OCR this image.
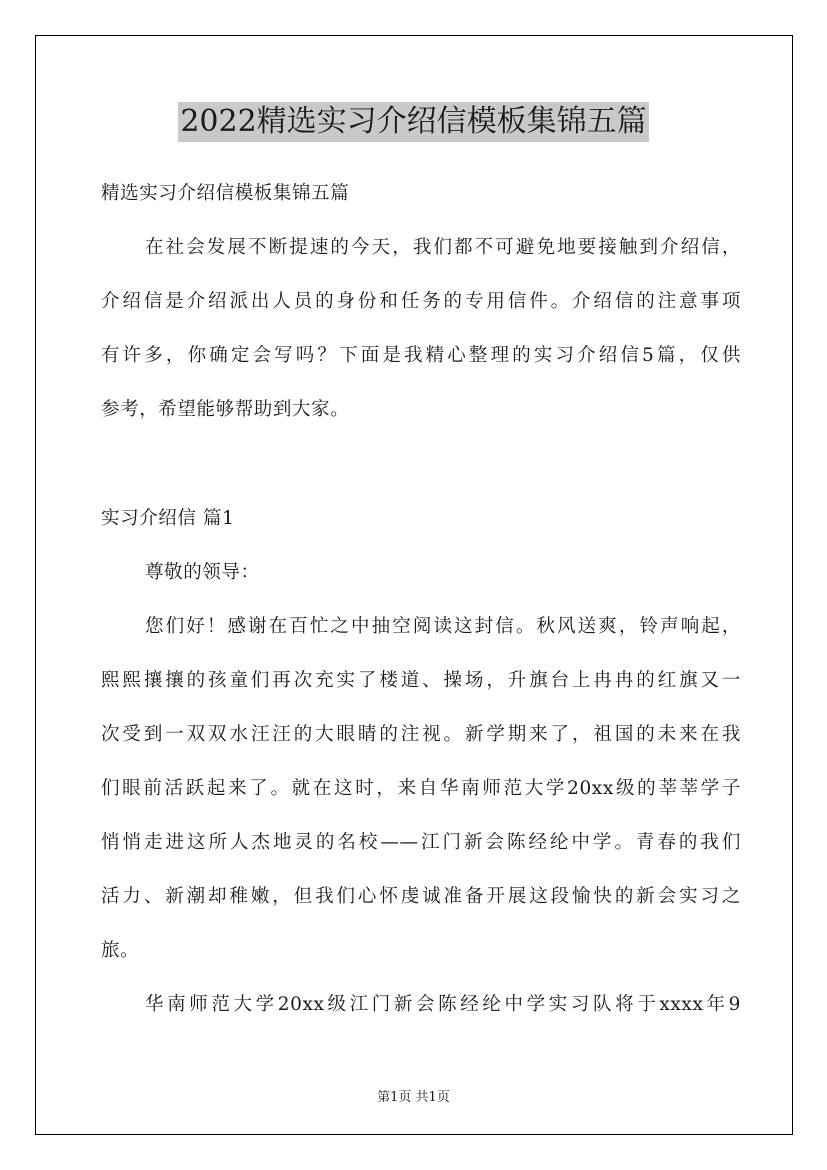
2022精选实习介绍信模板集锦五篇
精选实习介绍信模板集锦五篇
在社会发展不断提速的今天，我们都不可避免地要接触到介绍信，
介绍信是介绍派出人员的身份和任务的专用信件。介绍信的注意事项
有许多，你确定会写吗？下面是我精心整理的实习介绍信5篇，仅供
参考，希望能够帮助到大家。
实习介绍信 篇1
尊敬的领导：
您们好！感谢在百忙之中抽空阅读这封信。秋风送爽，铃声响起，
熙熙攘攘的孩童们再次充实了楼道、操场，升旗台上冉冉的红旗又一
次受到一双双水汪汪的大眼睛的注视。新学期来了，祖国的未来在我
们眼前活跃起来了。就在这时，来自华南师范大学20xx级的莘莘学子
悄悄走进这所人杰地灵的名校——江门新会陈经纶中学。青春的我们
活力、新潮却稚嫩，但我们心怀虔诚准备开展这段愉快的新会实习之
旅。
华南师范大学20xx级江门新会陈经纶中学实习队将于xxxx年9
第1页 共1页
